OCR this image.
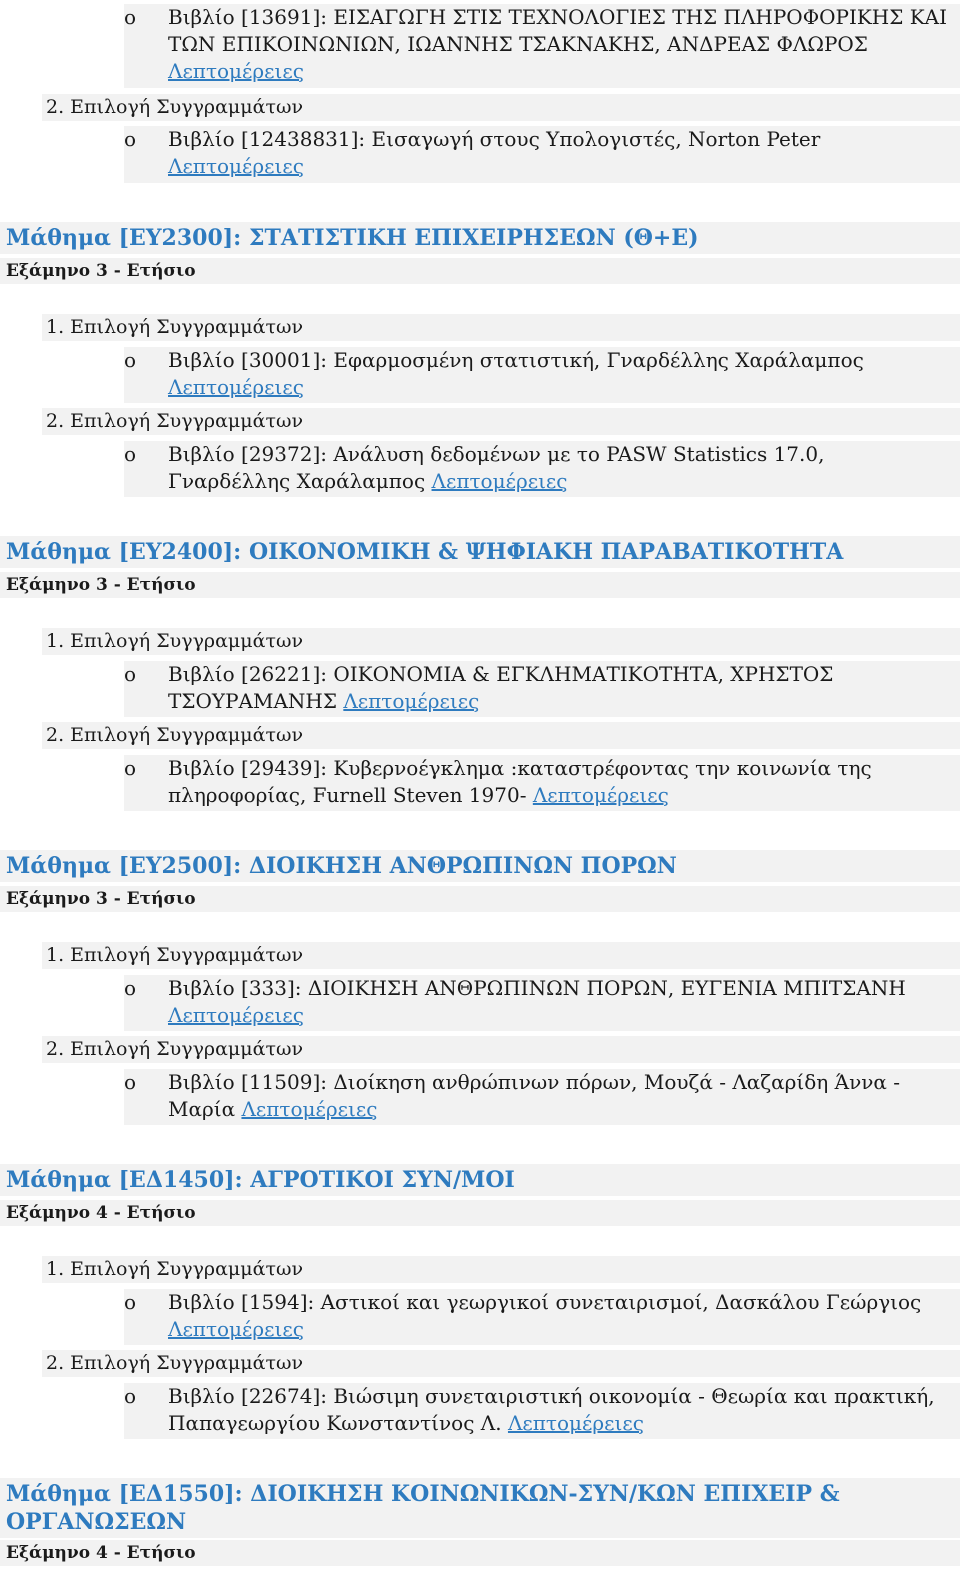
o	Βιβλίο [13691]: ΕΙΣΑΓΩΓΗ ΣΤΙΣ ΤΕΧΝΟΛΟΓΙΕΣ ΤΗΣ ΠΛΗΡΟΦΟΡΙΚΗΣ ΚΑΙ ΤΩΝ ΕΠΙΚΟΙΝΩΝΙΩΝ, ΙΩΑΝΝΗΣ ΤΣΑΚΝΑΚΗΣ, ΑΝΔΡΕΑΣ ΦΛΩΡΟΣ Λεπτομέρειες
2. Επιλογή Συγγραμμάτων
o	Βιβλίο [12438831]: Εισαγωγή στους Υπολογιστές, Norton Peter Λεπτομέρειες
Μάθημα [ΕΥ2300]: ΣΤΑΤΙΣΤΙΚΗ ΕΠΙΧΕΙΡΗΣΕΩΝ (Θ+Ε)
Εξάμηνο 3 - Ετήσιο
1. Επιλογή Συγγραμμάτων
o	Βιβλίο [30001]: Εφαρμοσμένη στατιστική, Γναρδέλλης Χαράλαμπος Λεπτομέρειες
2. Επιλογή Συγγραμμάτων
o	Βιβλίο [29372]: Ανάλυση δεδομένων με το PASW Statistics 17.0, Γναρδέλλης Χαράλαμπος Λεπτομέρειες
Μάθημα [ΕΥ2400]: ΟΙΚΟΝΟΜΙΚΗ & ΨΗΦΙΑΚΗ ΠΑΡΑΒΑΤΙΚΟΤΗΤΑ
Εξάμηνο 3 - Ετήσιο
1. Επιλογή Συγγραμμάτων
o	Βιβλίο [26221]: ΟΙΚΟΝΟΜΙΑ & ΕΓΚΛΗΜΑΤΙΚΟΤΗΤΑ, ΧΡΗΣΤΟΣ ΤΣΟΥΡΑΜΑΝΗΣ Λεπτομέρειες
2. Επιλογή Συγγραμμάτων
o	Βιβλίο [29439]: Κυβερνοέγκλημα :καταστρέφοντας την κοινωνία της πληροφορίας, Furnell Steven 1970- Λεπτομέρειες
Μάθημα [ΕΥ2500]: ΔΙΟΙΚΗΣΗ ΑΝΘΡΩΠΙΝΩΝ ΠΟΡΩΝ
Εξάμηνο 3 - Ετήσιο
1. Επιλογή Συγγραμμάτων
o	Βιβλίο [333]: ΔΙΟΙΚΗΣΗ ΑΝΘΡΩΠΙΝΩΝ ΠΟΡΩΝ, ΕΥΓΕΝΙΑ ΜΠΙΤΣΑΝΗ Λεπτομέρειες
2. Επιλογή Συγγραμμάτων
o	Βιβλίο [11509]: Διοίκηση ανθρώπινων πόρων, Μουζά - Λαζαρίδη Άννα - Μαρία Λεπτομέρειες
Μάθημα [ΕΔ1450]: ΑΓΡΟΤΙΚΟΙ ΣΥΝ/ΜΟΙ
Εξάμηνο 4 - Ετήσιο
1. Επιλογή Συγγραμμάτων
o	Βιβλίο [1594]: Αστικοί και γεωργικοί συνεταιρισμοί, Δασκάλου Γεώργιος Λεπτομέρειες
2. Επιλογή Συγγραμμάτων
o	Βιβλίο [22674]: Βιώσιμη συνεταιριστική οικονομία - Θεωρία και πρακτική, Παπαγεωργίου Κωνσταντίνος Λ. Λεπτομέρειες
Μάθημα [ΕΔ1550]: ΔΙΟΙΚΗΣΗ ΚΟΙΝΩΝΙΚΩΝ-ΣΥΝ/ΚΩΝ ΕΠΙΧΕΙΡ & ΟΡΓΑΝΩΣΕΩΝ
Εξάμηνο 4 - Ετήσιο
